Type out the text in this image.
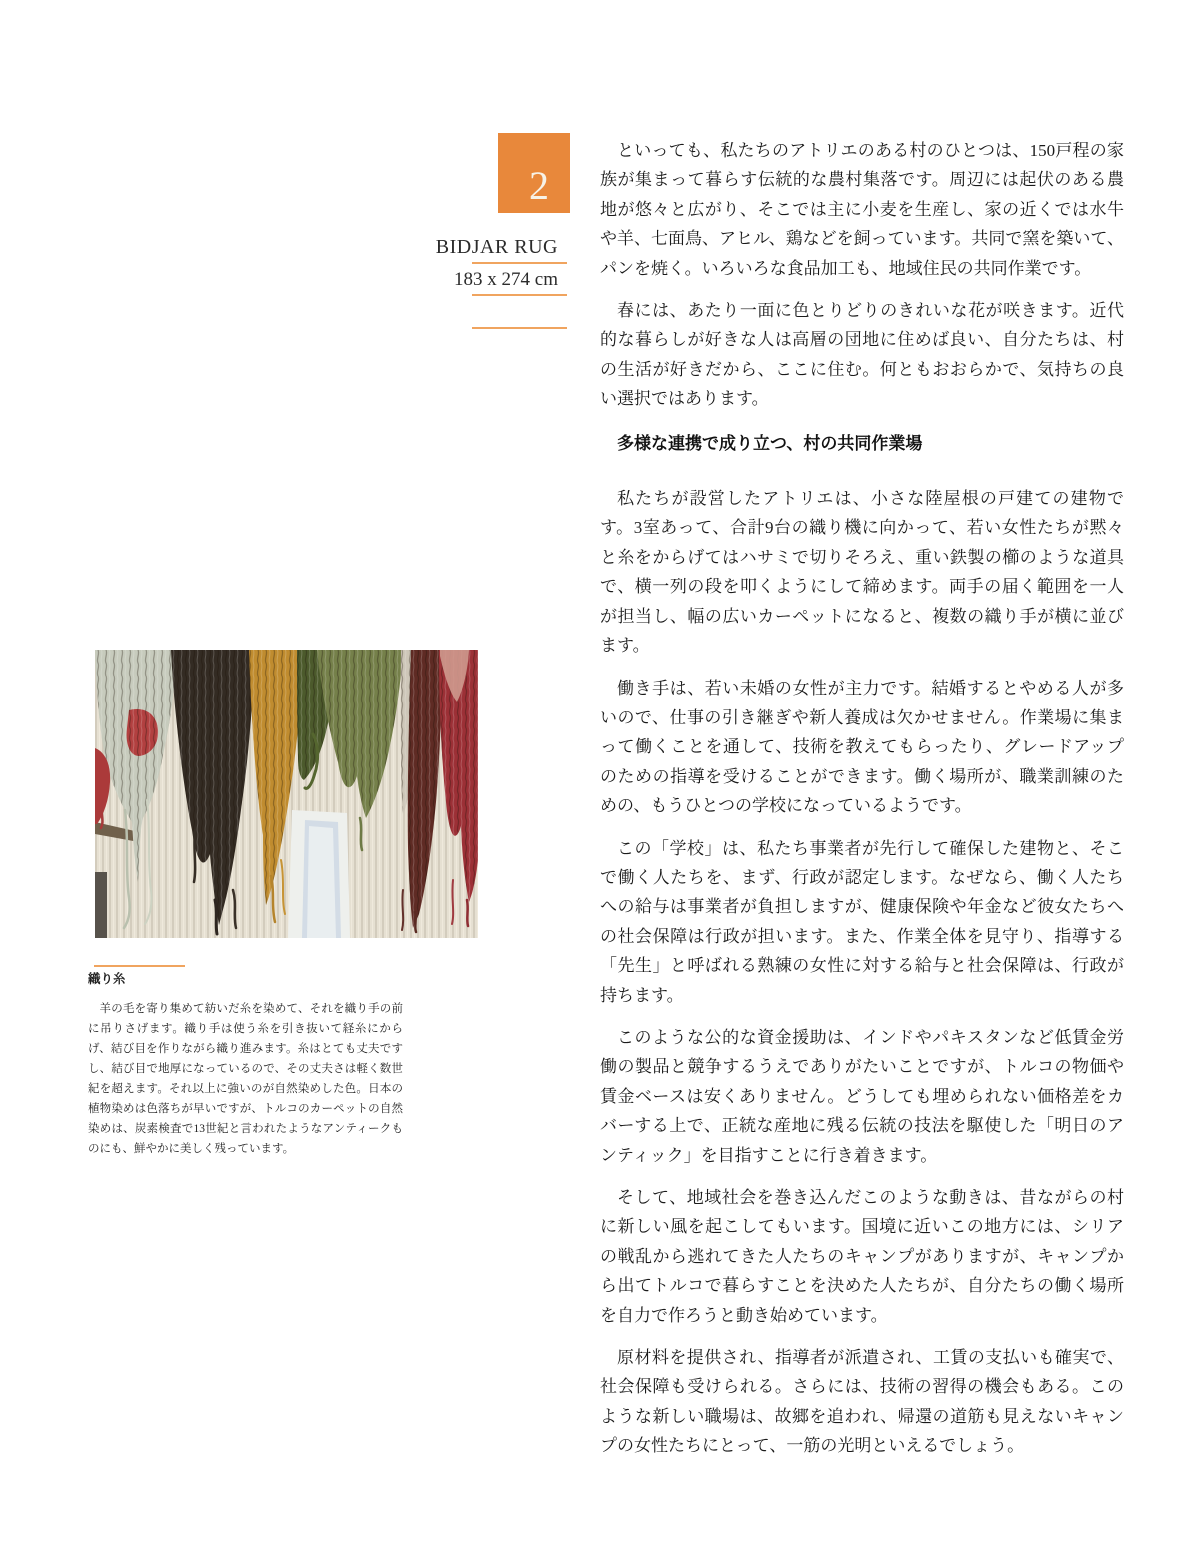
2
BIDJAR RUG
183 x 274 cm
織り糸

羊の毛を寄り集めて紡いだ糸を染めて、それを織り手の前に吊りさげます。織り手は使う糸を引き抜いて経糸にからげ、結び目を作りながら織り進みます。糸はとても丈夫ですし、結び目で地厚になっているので、その丈夫さは軽く数世紀を超えます。それ以上に強いのが自然染めした色。日本の植物染めは色落ちが早いですが、トルコのカーペットの自然染めは、炭素検査で13世紀と言われたようなアンティークものにも、鮮やかに美しく残っています。

といっても、私たちのアトリエのある村のひとつは、150戸程の家族が集まって暮らす伝統的な農村集落です。周辺には起伏のある農地が悠々と広がり、そこでは主に小麦を生産し、家の近くでは水牛や羊、七面鳥、アヒル、鶏などを飼っています。共同で窯を築いて、パンを焼く。いろいろな食品加工も、地域住民の共同作業です。

春には、あたり一面に色とりどりのきれいな花が咲きます。近代的な暮らしが好きな人は高層の団地に住めば良い、自分たちは、村の生活が好きだから、ここに住む。何ともおおらかで、気持ちの良い選択ではあります。

多様な連携で成り立つ、村の共同作業場

私たちが設営したアトリエは、小さな陸屋根の戸建ての建物です。3室あって、合計9台の織り機に向かって、若い女性たちが黙々と糸をからげてはハサミで切りそろえ、重い鉄製の櫛のような道具で、横一列の段を叩くようにして締めます。両手の届く範囲を一人が担当し、幅の広いカーペットになると、複数の織り手が横に並びます。

働き手は、若い未婚の女性が主力です。結婚するとやめる人が多いので、仕事の引き継ぎや新人養成は欠かせません。作業場に集まって働くことを通して、技術を教えてもらったり、グレードアップのための指導を受けることができます。働く場所が、職業訓練のための、もうひとつの学校になっているようです。

この「学校」は、私たち事業者が先行して確保した建物と、そこで働く人たちを、まず、行政が認定します。なぜなら、働く人たちへの給与は事業者が負担しますが、健康保険や年金など彼女たちへの社会保障は行政が担います。また、作業全体を見守り、指導する「先生」と呼ばれる熟練の女性に対する給与と社会保障は、行政が持ちます。

このような公的な資金援助は、インドやパキスタンなど低賃金労働の製品と競争するうえでありがたいことですが、トルコの物価や賃金ベースは安くありません。どうしても埋められない価格差をカバーする上で、正統な産地に残る伝統の技法を駆使した「明日のアンティック」を目指すことに行き着きます。

そして、地域社会を巻き込んだこのような動きは、昔ながらの村に新しい風を起こしてもいます。国境に近いこの地方には、シリアの戦乱から逃れてきた人たちのキャンプがありますが、キャンプから出てトルコで暮らすことを決めた人たちが、自分たちの働く場所を自力で作ろうと動き始めています。

原材料を提供され、指導者が派遣され、工賃の支払いも確実で、社会保障も受けられる。さらには、技術の習得の機会もある。このような新しい職場は、故郷を追われ、帰還の道筋も見えないキャンプの女性たちにとって、一筋の光明といえるでしょう。
